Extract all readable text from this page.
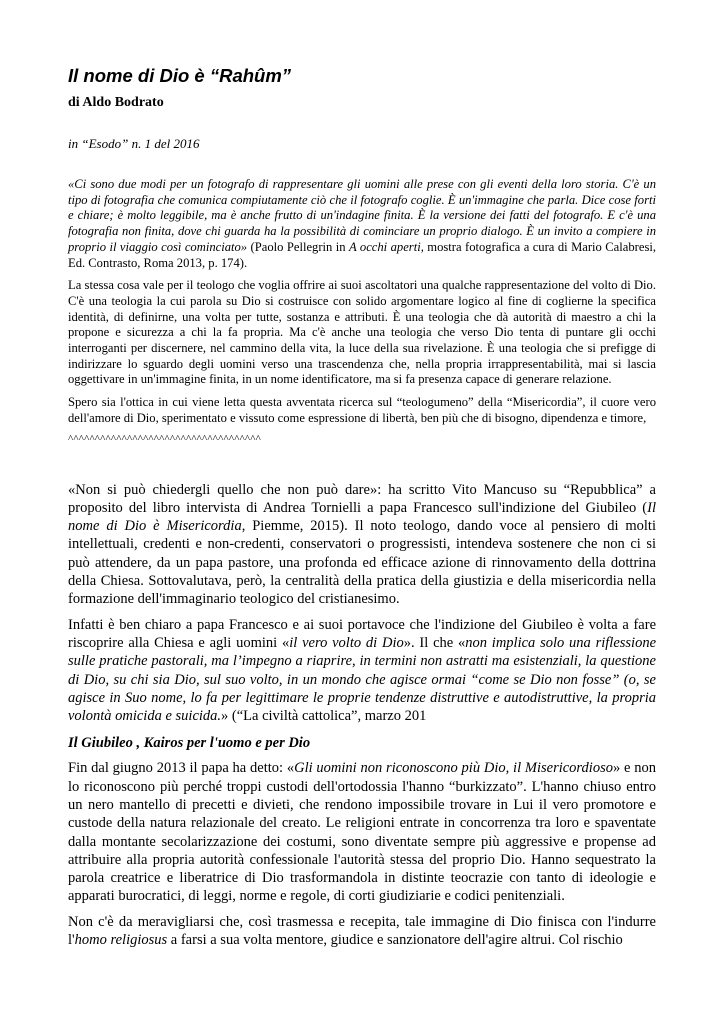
Il nome di Dio è “Rahûm”

di Aldo Bodrato

in “Esodo” n. 1 del 2016

«Ci sono due modi per un fotografo di rappresentare gli uomini alle prese con gli eventi della loro storia. C'è un tipo di fotografia che comunica compiutamente ciò che il fotografo coglie. È un'immagine che parla. Dice cose forti e chiare; è molto leggibile, ma è anche frutto di un'indagine finita. È la versione dei fatti del fotografo. E c'è una fotografia non finita, dove chi guarda ha la possibilità di cominciare un proprio dialogo. È un invito a compiere in proprio il viaggio così cominciato» (Paolo Pellegrin in A occhi aperti, mostra fotografica a cura di Mario Calabresi, Ed. Contrasto, Roma 2013, p. 174).

La stessa cosa vale per il teologo che voglia offrire ai suoi ascoltatori una qualche rappresentazione del volto di Dio. C'è una teologia la cui parola su Dio si costruisce con solido argomentare logico al fine di coglierne la specifica identità, di definirne, una volta per tutte, sostanza e attributi. È una teologia che dà autorità di maestro a chi la propone e sicurezza a chi la fa propria. Ma c'è anche una teologia che verso Dio tenta di puntare gli occhi interroganti per discernere, nel cammino della vita, la luce della sua rivelazione. È una teologia che si prefigge di indirizzare lo sguardo degli uomini verso una trascendenza che, nella propria irrappresentabilità, mai si lascia oggettivare in un'immagine finita, in un nome identificatore, ma si fa presenza capace di generare relazione.

Spero sia l'ottica in cui viene letta questa avventata ricerca sul “teologumeno” della “Misericordia”, il cuore vero dell'amore di Dio, sperimentato e vissuto come espressione di libertà, ben più che di bisogno, dipendenza e timore,

^^^^^^^^^^^^^^^^^^^^^^^^^^^^^^^^^^^^

«Non si può chiedergli quello che non può dare»: ha scritto Vito Mancuso su “Repubblica” a proposito del libro intervista di Andrea Tornielli a papa Francesco sull'indizione del Giubileo (Il nome di Dio è Misericordia, Piemme, 2015). Il noto teologo, dando voce al pensiero di molti intellettuali, credenti e non-credenti, conservatori o progressisti, intendeva sostenere che non ci si può attendere, da un papa pastore, una profonda ed efficace azione di rinnovamento della dottrina della Chiesa. Sottovalutava, però, la centralità della pratica della giustizia e della misericordia nella formazione dell'immaginario teologico del cristianesimo.

Infatti è ben chiaro a papa Francesco e ai suoi portavoce che l'indizione del Giubileo è volta a fare riscoprire alla Chiesa e agli uomini «il vero volto di Dio». Il che «non implica solo una riflessione sulle pratiche pastorali, ma l’impegno a riaprire, in termini non astratti ma esistenziali, la questione di Dio, su chi sia Dio, sul suo volto, in un mondo che agisce ormai “come se Dio non fosse” (o, se agisce in Suo nome, lo fa per legittimare le proprie tendenze distruttive e autodistruttive, la propria volontà omicida e suicida.» (“La civiltà cattolica”, marzo 201

Il Giubileo , Kairos per l'uomo e per Dio

Fin dal giugno 2013 il papa ha detto: «Gli uomini non riconoscono più Dio, il Misericordioso» e non lo riconoscono più perché troppi custodi dell'ortodossia l'hanno “burkizzato”. L'hanno chiuso entro un nero mantello di precetti e divieti, che rendono impossibile trovare in Lui il vero promotore e custode della natura relazionale del creato. Le religioni entrate in concorrenza tra loro e spaventate dalla montante secolarizzazione dei costumi, sono diventate sempre più aggressive e propense ad attribuire alla propria autorità confessionale l'autorità stessa del proprio Dio. Hanno sequestrato la parola creatrice e liberatrice di Dio trasformandola in distinte teocrazie con tanto di ideologie e apparati burocratici, di leggi, norme e regole, di corti giudiziarie e codici penitenziali.

Non c'è da meravigliarsi che, così trasmessa e recepita, tale immagine di Dio finisca con l'indurre l'homo religiosus a farsi a sua volta mentore, giudice e sanzionatore dell'agire altrui. Col rischio
